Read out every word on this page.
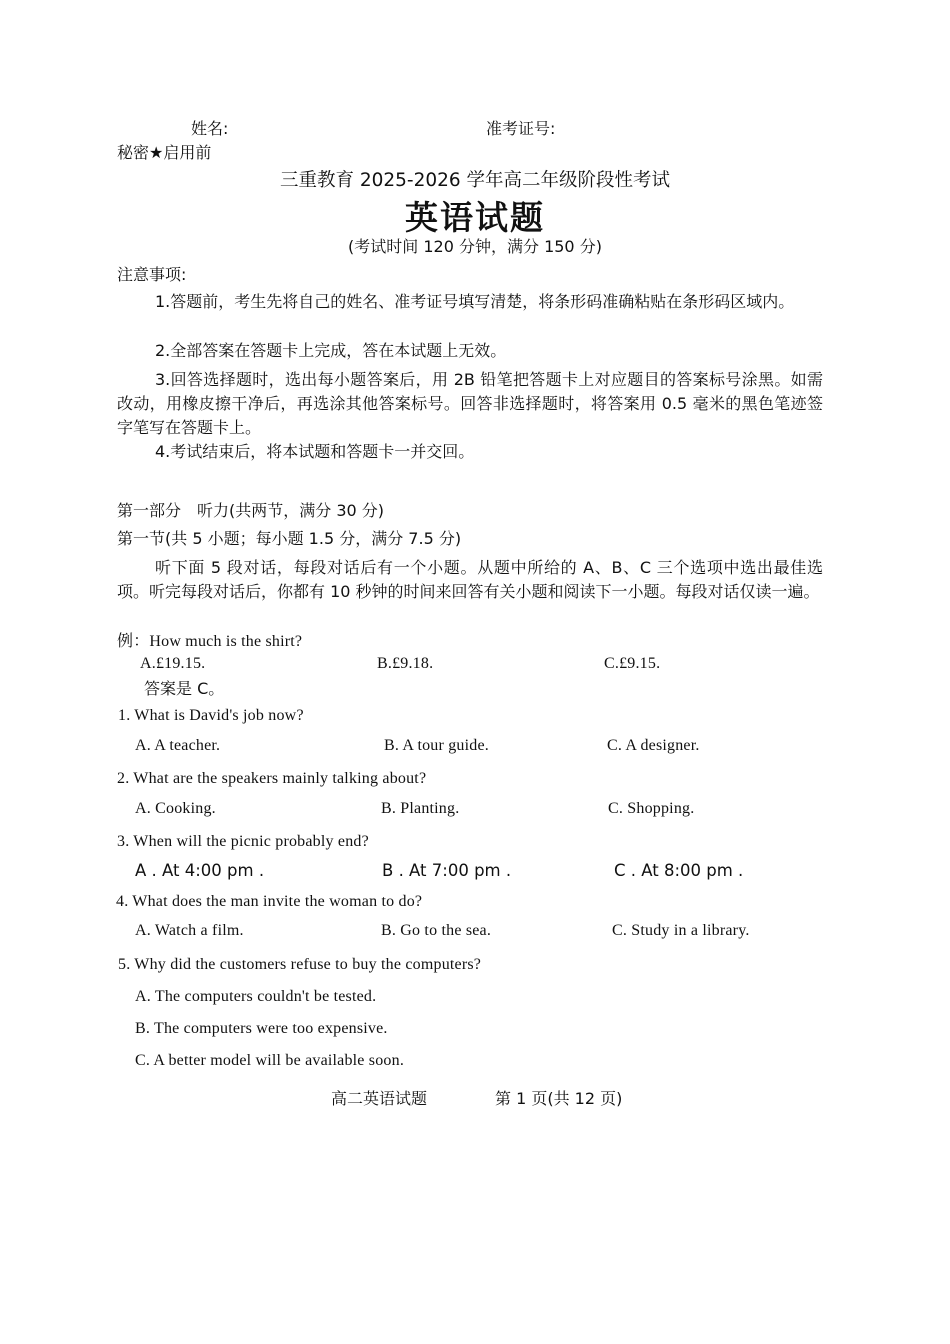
姓名:	准考证号:
秘密★启用前
三重教育 2025-2026 学年高二年级阶段性考试
英语试题
(考试时间 120 分钟，满分 150 分)
注意事项:
1.答题前，考生先将自己的姓名、准考证号填写清楚，将条形码准确粘贴在条形码区域内。
2.全部答案在答题卡上完成，答在本试题上无效。
3.回答选择题时，选出每小题答案后，用 2B 铅笔把答题卡上对应题目的答案标号涂黑。如需改动，用橡皮擦干净后，再选涂其他答案标号。回答非选择题时，将答案用 0.5 毫米的黑色笔迹签字笔写在答题卡上。
4.考试结束后，将本试题和答题卡一并交回。
第一部分　听力(共两节，满分 30 分)
第一节(共 5 小题；每小题 1.5 分，满分 7.5 分)
听下面 5 段对话，每段对话后有一个小题。从题中所给的 A、B、C 三个选项中选出最佳选项。听完每段对话后，你都有 10 秒钟的时间来回答有关小题和阅读下一小题。每段对话仅读一遍。
例：How much is the shirt?
A.£19.15.	B.£9.18.	C.£9.15.
答案是 C。
1. What is David's job now?
A. A teacher.	B. A tour guide.	C. A designer.
2. What are the speakers mainly talking about?
A. Cooking.	B. Planting.	C. Shopping.
3. When will the picnic probably end?
A . At 4:00 pm .	B . At 7:00 pm .	C . At 8:00 pm .
4. What does the man invite the woman to do?
A. Watch a film.	B. Go to the sea.	C. Study in a library.
5. Why did the customers refuse to buy the computers?
A. The computers couldn't be tested.
B. The computers were too expensive.
C. A better model will be available soon.
高二英语试题	第 1 页(共 12 页)
